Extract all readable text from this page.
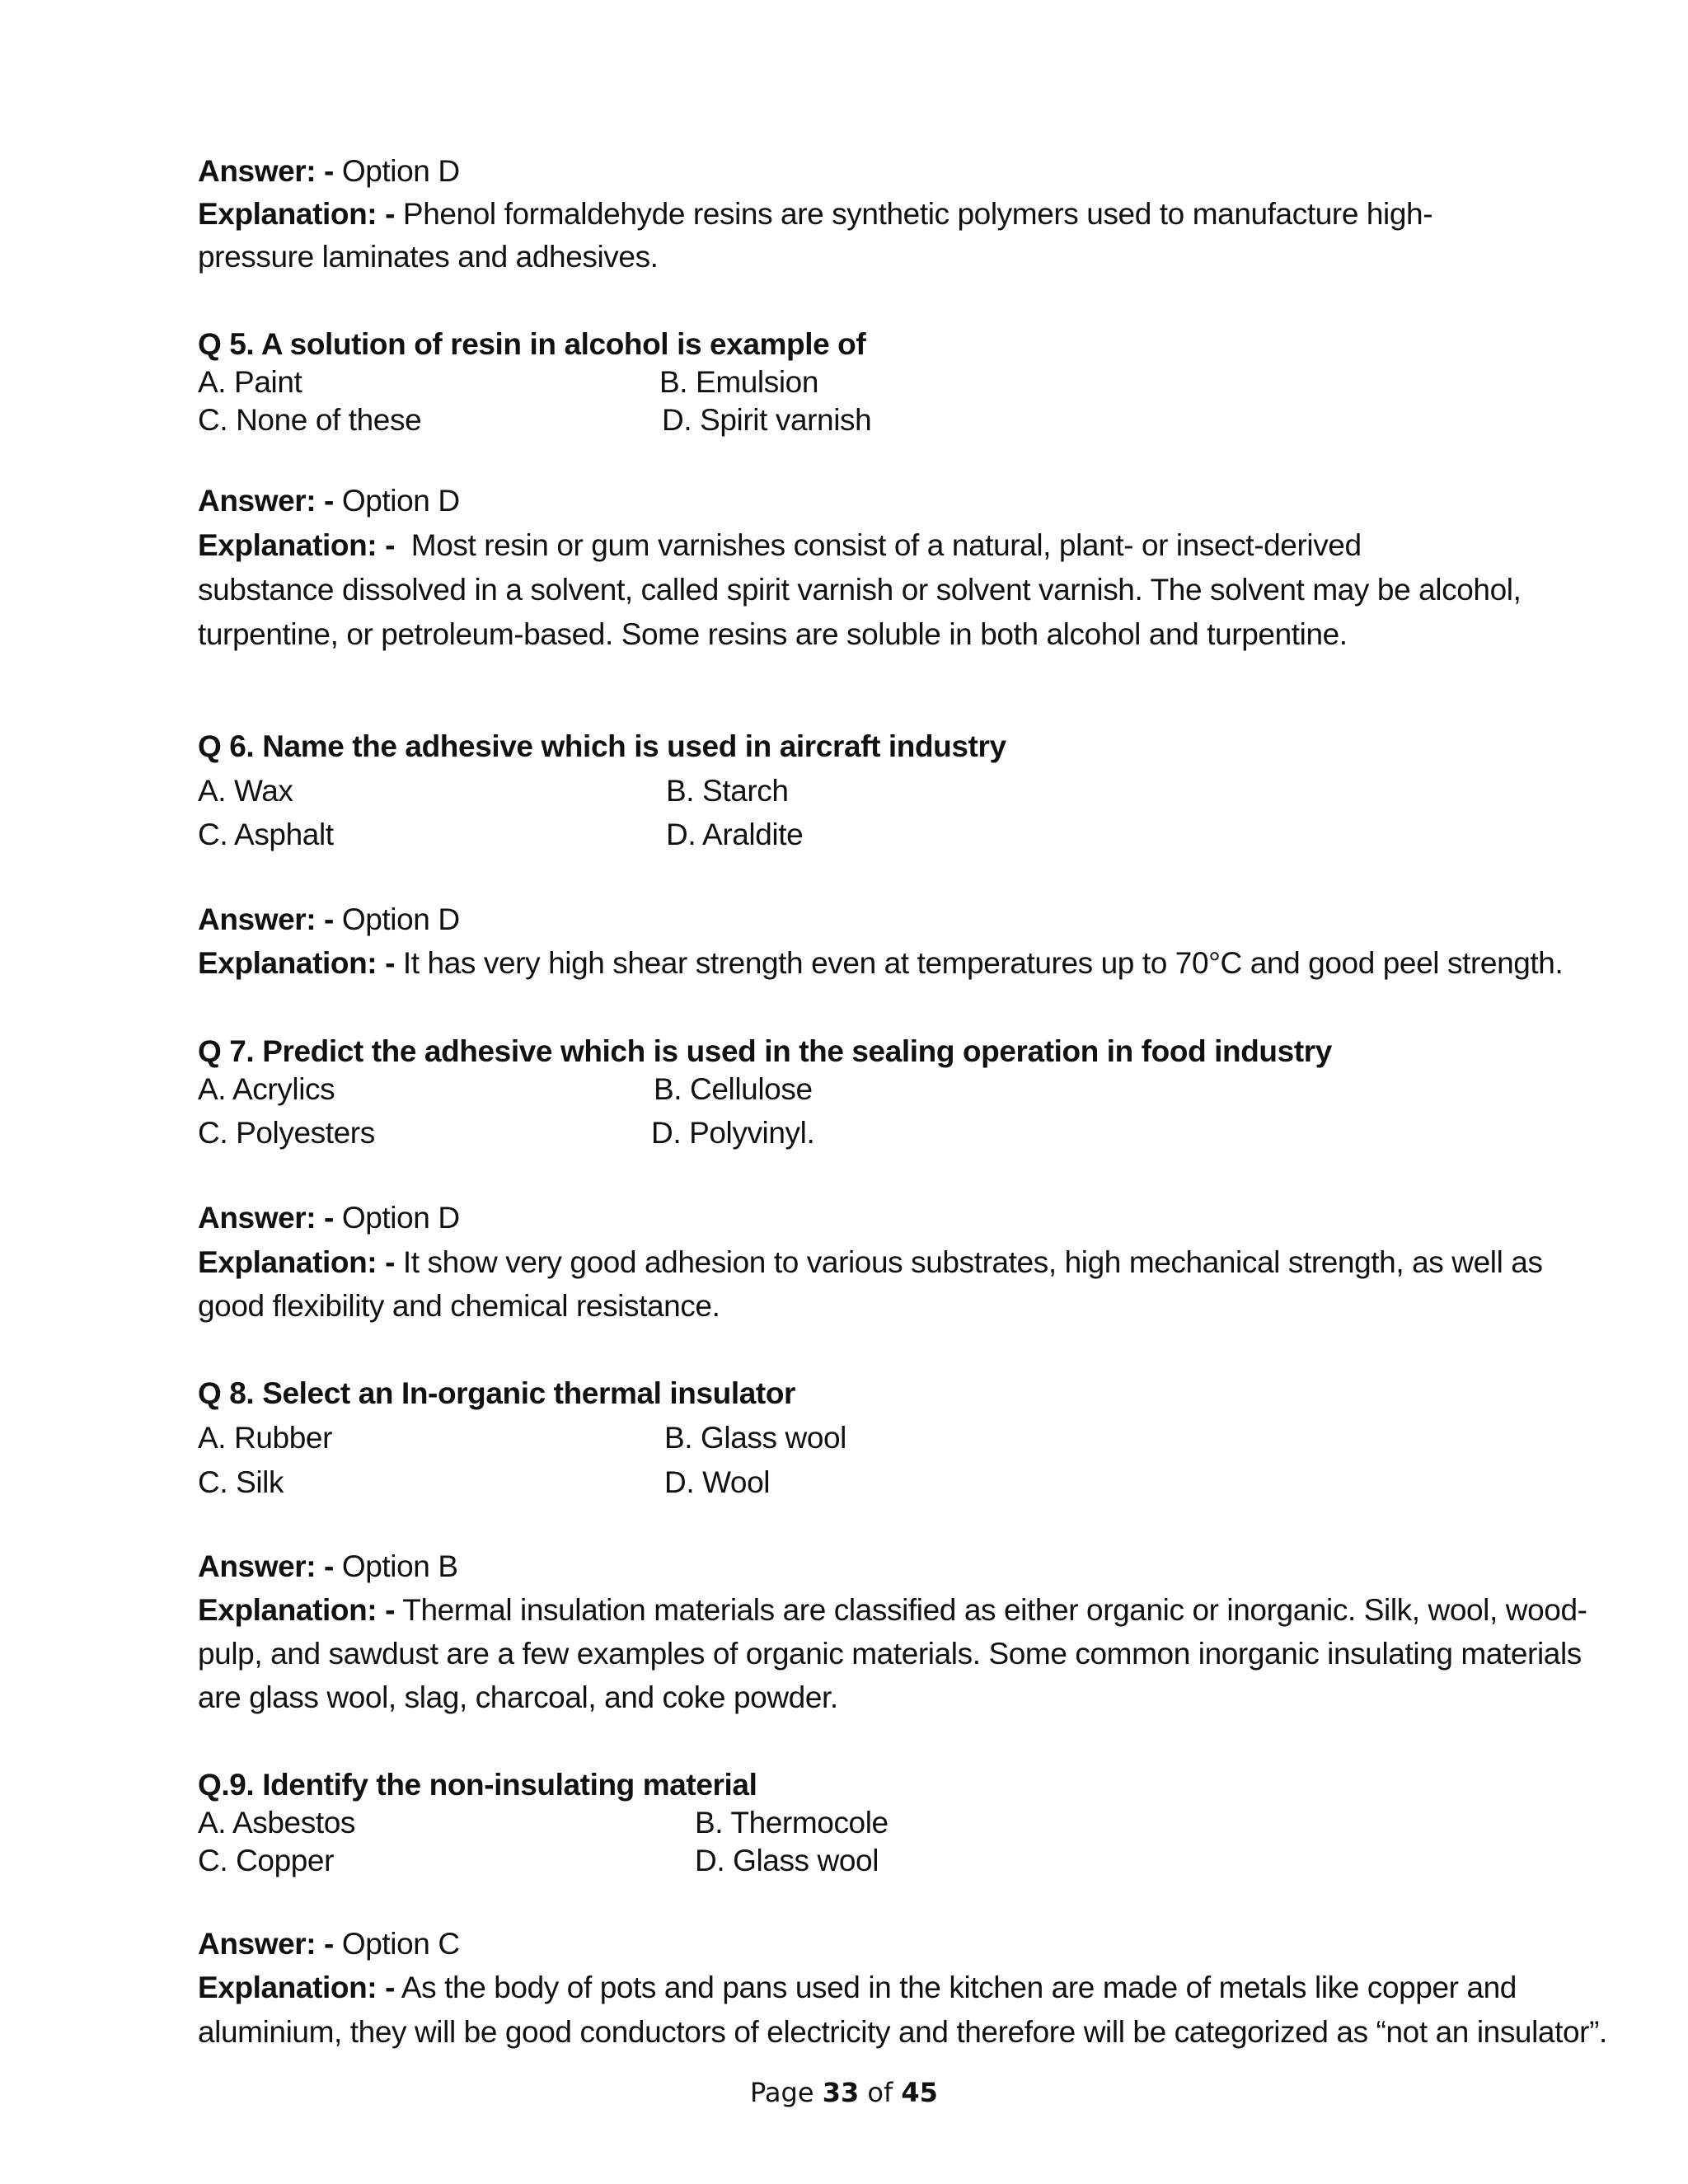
Answer: - Option D
Explanation: - Phenol formaldehyde resins are synthetic polymers used to manufacture high-
pressure laminates and adhesives.
Q 5. A solution of resin in alcohol is example of
A. Paint	B. Emulsion
C. None of these	D. Spirit varnish
Answer: - Option D
Explanation: - Most resin or gum varnishes consist of a natural, plant- or insect-derived
substance dissolved in a solvent, called spirit varnish or solvent varnish. The solvent may be alcohol,
turpentine, or petroleum-based. Some resins are soluble in both alcohol and turpentine.
Q 6. Name the adhesive which is used in aircraft industry
A. Wax	B. Starch
C. Asphalt	D. Araldite
Answer: - Option D
Explanation: - It has very high shear strength even at temperatures up to 70°C and good peel strength.
Q 7. Predict the adhesive which is used in the sealing operation in food industry
A. Acrylics	B. Cellulose
C. Polyesters	D. Polyvinyl.
Answer: - Option D
Explanation: - It show very good adhesion to various substrates, high mechanical strength, as well as
good flexibility and chemical resistance.
Q 8. Select an In-organic thermal insulator
A. Rubber	B. Glass wool
C. Silk	D. Wool
Answer: - Option B
Explanation: - Thermal insulation materials are classified as either organic or inorganic. Silk, wool, wood-
pulp, and sawdust are a few examples of organic materials. Some common inorganic insulating materials
are glass wool, slag, charcoal, and coke powder.
Q.9. Identify the non-insulating material
A. Asbestos	B. Thermocole
C. Copper	D. Glass wool
Answer: - Option C
Explanation: - As the body of pots and pans used in the kitchen are made of metals like copper and
aluminium, they will be good conductors of electricity and therefore will be categorized as “not an insulator”.
Page 33 of 45
